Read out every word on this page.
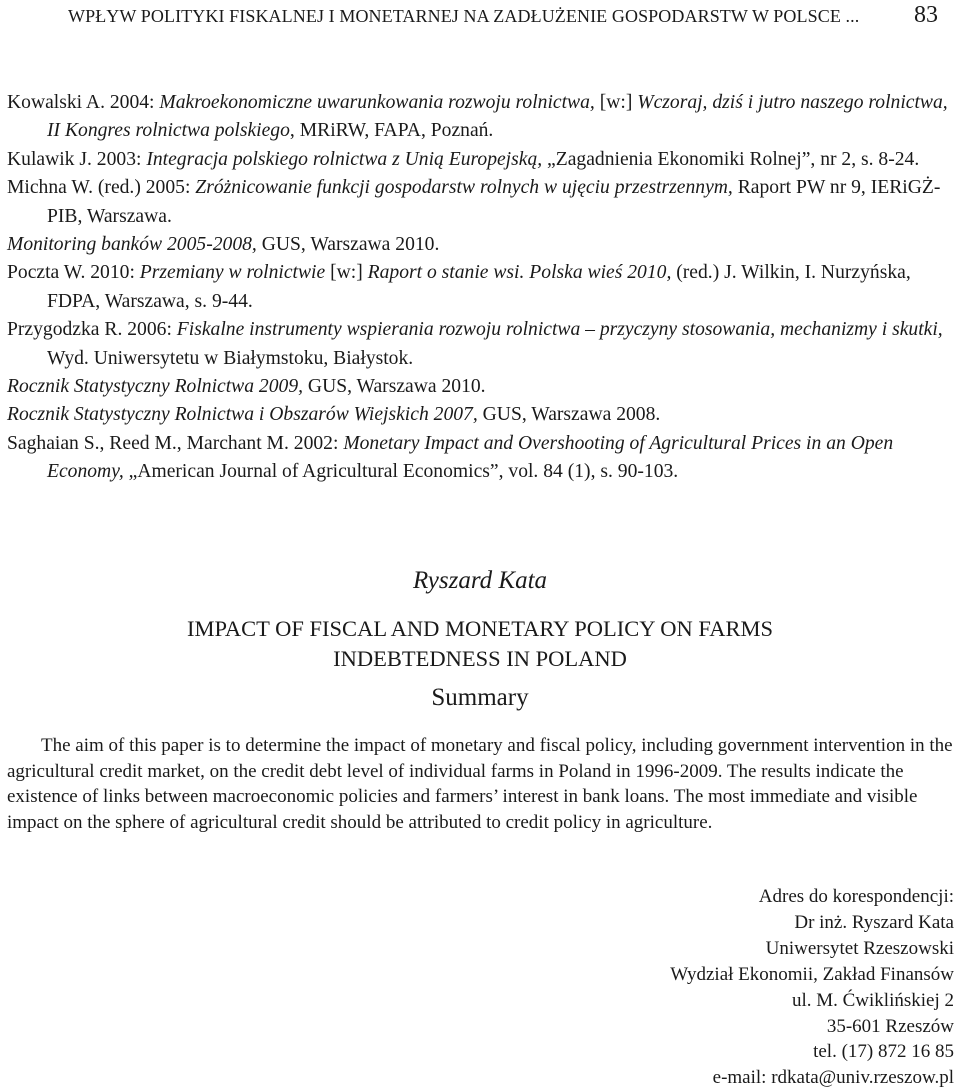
WPŁYW POLITYKI FISKALNEJ I MONETARNEJ NA ZADŁUŻENIE GOSPODARSTW W POLSCE ... 83
Kowalski A. 2004: Makroekonomiczne uwarunkowania rozwoju rolnictwa, [w:] Wczoraj, dziś i jutro naszego rolnictwa, II Kongres rolnictwa polskiego, MRiRW, FAPA, Poznań.
Kulawik J. 2003: Integracja polskiego rolnictwa z Unią Europejską, „Zagadnienia Ekonomiki Rolnej”, nr 2, s. 8-24.
Michna W. (red.) 2005: Zróżnicowanie funkcji gospodarstw rolnych w ujęciu przestrzennym, Raport PW nr 9, IERiGŻ-PIB, Warszawa.
Monitoring banków 2005-2008, GUS, Warszawa 2010.
Poczta W. 2010: Przemiany w rolnictwie [w:] Raport o stanie wsi. Polska wieś 2010, (red.) J. Wilkin, I. Nurzyńska, FDPA, Warszawa, s. 9-44.
Przygodzka R. 2006: Fiskalne instrumenty wspierania rozwoju rolnictwa – przyczyny stosowania, mechanizmy i skutki, Wyd. Uniwersytetu w Białymstoku, Białystok.
Rocznik Statystyczny Rolnictwa 2009, GUS, Warszawa 2010.
Rocznik Statystyczny Rolnictwa i Obszarów Wiejskich 2007, GUS, Warszawa 2008.
Saghaian S., Reed M., Marchant M. 2002: Monetary Impact and Overshooting of Agricultural Prices in an Open Economy, „American Journal of Agricultural Economics”, vol. 84 (1), s. 90-103.
Ryszard Kata
IMPACT OF FISCAL AND MONETARY POLICY ON FARMS
INDEBTEDNESS IN POLAND
Summary

The aim of this paper is to determine the impact of monetary and fiscal policy, including government intervention in the agricultural credit market, on the credit debt level of individual farms in Poland in 1996-2009. The results indicate the existence of links between macroeconomic policies and farmers’ interest in bank loans. The most immediate and visible impact on the sphere of agricultural credit should be attributed to credit policy in agriculture.

Adres do korespondencji:
Dr inż. Ryszard Kata
Uniwersytet Rzeszowski
Wydział Ekonomii, Zakład Finansów
ul. M. Ćwiklińskiej 2
35-601 Rzeszów
tel. (17) 872 16 85
e-mail: rdkata@univ.rzeszow.pl
